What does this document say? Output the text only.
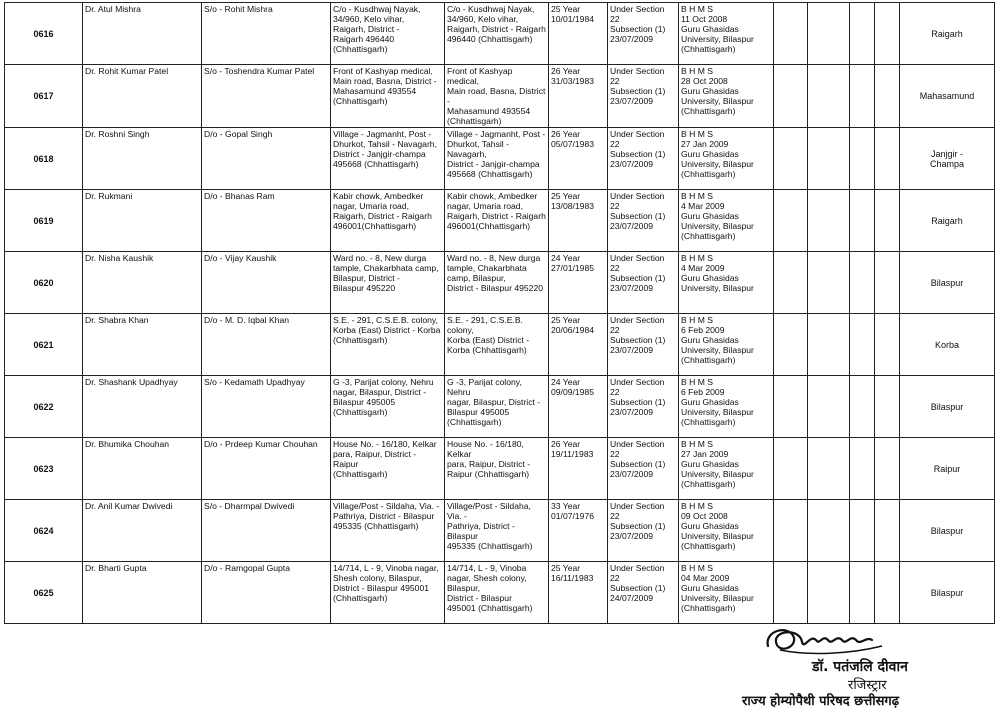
0616	Dr. Atul Mishra	S/o - Rohit Mishra	C/o - Kusdhwaj Nayak,
34/960, Kelo vihar,
Raigarh, District -
Raigarh 496440
(Chhattisgarh)	C/o - Kusdhwaj Nayak,
34/960, Kelo vihar,
Raigarh, District - Raigarh
496440 (Chhattisgarh)	25 Year
10/01/1984	Under Section 22
Subsection (1)
23/07/2009	B H M S
11 Oct 2008
Guru Ghasidas
University, Bilaspur
(Chhattisgarh)					Raigarh
0617	Dr. Rohit Kumar Patel	S/o - Toshendra Kumar Patel	Front of Kashyap medical,
Main road, Basna, District -
Mahasamund 493554
(Chhattisgarh)	Front of Kashyap medical,
Main road, Basna, District -
Mahasamund 493554
(Chhattisgarh)	26 Year
31/03/1983	Under Section 22
Subsection (1)
23/07/2009	B H M S
28 Oct 2008
Guru Ghasidas
University, Bilaspur
(Chhattisgarh)					Mahasamund
0618	Dr. Roshni Singh	D/o - Gopal Singh	Village - Jagmanht, Post -
Dhurkot, Tahsil - Navagarh,
District - Janjgir-champa
495668 (Chhattisgarh)	Village - Jagmanht, Post -
Dhurkot, Tahsil - Navagarh,
District - Janjgir-champa
495668 (Chhattisgarh)	26 Year
05/07/1983	Under Section 22
Subsection (1)
23/07/2009	B H M S
27 Jan 2009
Guru Ghasidas
University, Bilaspur
(Chhattisgarh)					Janjgir -
Champa
0619	Dr. Rukmani	D/o - Bhanas Ram	Kabir chowk, Ambedker
nagar, Umaria road,
Raigarh, District - Raigarh
496001(Chhattisgarh)	Kabir chowk, Ambedker
nagar, Umaria road,
Raigarh, District - Raigarh
496001(Chhattisgarh)	25 Year
13/08/1983	Under Section 22
Subsection (1)
23/07/2009	B H M S
4 Mar 2009
Guru Ghasidas
University, Bilaspur
(Chhattisgarh)					Raigarh
0620	Dr. Nisha Kaushik	D/o - Vijay Kaushik	Ward no. - 8, New durga
tample, Chakarbhata camp,
Bilaspur, District -
Bilaspur 495220	Ward no. - 8, New durga
tample, Chakarbhata
camp, Bilaspur,
District - Bilaspur 495220	24 Year
27/01/1985	Under Section 22
Subsection (1)
23/07/2009	B H M S
4 Mar 2009
Guru Ghasidas
University, Bilaspur					Bilaspur
0621	Dr. Shabra Khan	D/o - M. D. Iqbal Khan	S.E. - 291, C.S.E.B. colony,
Korba (East) District - Korba
(Chhattisgarh)	S.E. - 291, C.S.E.B. colony,
Korba (East) District -
Korba (Chhattisgarh)	25 Year
20/06/1984	Under Section 22
Subsection (1)
23/07/2009	B H M S
6 Feb 2009
Guru Ghasidas
University, Bilaspur
(Chhattisgarh)					Korba
0622	Dr. Shashank Upadhyay	S/o - Kedamath Upadhyay	G -3, Parijat colony, Nehru
nagar, Bilaspur, District -
Bilaspur 495005
(Chhattisgarh)	G -3, Parijat colony, Nehru
nagar, Bilaspur, District -
Bilaspur 495005
(Chhattisgarh)	24 Year
09/09/1985	Under Section 22
Subsection (1)
23/07/2009	B H M S
6 Feb 2009
Guru Ghasidas
University, Bilaspur
(Chhattisgarh)					Bilaspur
0623	Dr. Bhumika Chouhan	D/o - Prdeep Kumar Chouhan	House No. - 16/180, Kelkar
para, Raipur, District - Raipur
(Chhattisgarh)	House No. - 16/180, Kelkar
para, Raipur, District -
Raipur (Chhattisgarh)	26 Year
19/11/1983	Under Section 22
Subsection (1)
23/07/2009	B H M S
27 Jan 2009
Guru Ghasidas
University, Bilaspur
(Chhattisgarh)					Raipur
0624	Dr. Anil Kumar Dwivedi	S/o - Dharmpal Dwivedi	Village/Post - Sildaha, Via. -
Pathriya, District - Bilaspur
495335 (Chhattisgarh)	Village/Post - Sildaha, Via. -
Pathriya, District - Bilaspur
495335 (Chhattisgarh)	33 Year
01/07/1976	Under Section 22
Subsection (1)
23/07/2009	B H M S
09 Oct 2008
Guru Ghasidas
University, Bilaspur
(Chhattisgarh)					Bilaspur
0625	Dr. Bharti Gupta	D/o - Ramgopal Gupta	14/714, L - 9, Vinoba nagar,
Shesh colony, Bilaspur,
District - Bilaspur 495001
(Chhattisgarh)	14/714, L - 9, Vinoba
nagar, Shesh colony, Bilaspur,
District - Bilaspur
495001 (Chhattisgarh)	25 Year
16/11/1983	Under Section 22
Subsection (1)
24/07/2009	B H M S
04 Mar 2009
Guru Ghasidas
University, Bilaspur
(Chhattisgarh)					Bilaspur
डॉ. पतंजलि दीवान
रजिस्ट्रार
राज्य होम्योपैथी परिषद छत्तीसगढ़
